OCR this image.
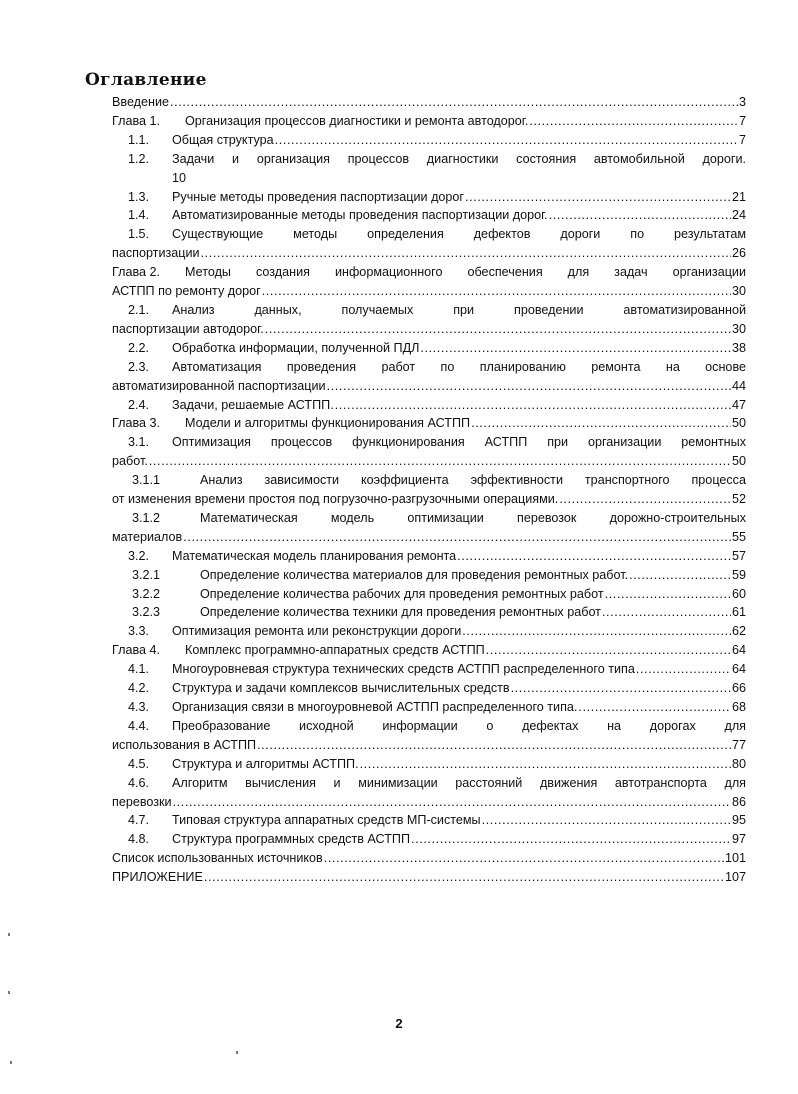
Оглавление
Введение .....	3
Глава 1.	Организация процессов диагностики и ремонта автодорог. .....	7
1.1.	Общая структура .....	7
1.2.	Задачи и организация процессов диагностики состояния автомобильной дороги.
10
1.3.	Ручные методы проведения паспортизации дорог .....	21
1.4.	Автоматизированные методы проведения паспортизации дорог. .....	24
1.5.	Существующие методы определения дефектов дороги по результатам
паспортизации .....	26
Глава 2.	Методы создания информационного обеспечения для задач организации
АСТПП по ремонту дорог .....	30
2.1.	Анализ данных, получаемых при проведении автоматизированной
паспортизации автодорог. .....	30
2.2.	Обработка информации, полученной ПДЛ .....	38
2.3.	Автоматизация проведения работ по планированию ремонта на основе
автоматизированной паспортизации .....	44
2.4.	Задачи, решаемые АСТПП. .....	47
Глава 3.	Модели и алгоритмы функционирования АСТПП .....	50
3.1.	Оптимизация процессов функционирования АСТПП при организации ремонтных
работ. .....	50
3.1.1	Анализ зависимости коэффициента эффективности транспортного процесса
от изменения времени простоя под погрузочно-разгрузочными операциями. .....	52
3.1.2	Математическая модель оптимизации перевозок дорожно-строительных
материалов .....	55
3.2.	Математическая модель планирования ремонта .....	57
3.2.1	Определение количества материалов для проведения ремонтных работ. .....	59
3.2.2	Определение количества рабочих для проведения ремонтных работ .....	60
3.2.3	Определение количества техники для проведения ремонтных работ .....	61
3.3.	Оптимизация ремонта или реконструкции дороги .....	62
Глава 4.	Комплекс программно-аппаратных средств АСТПП .....	64
4.1.	Многоуровневая структура технических средств АСТПП распределенного типа .....	64
4.2.	Структура и задачи комплексов вычислительных средств .....	66
4.3.	Организация связи в многоуровневой АСТПП распределенного типа. .....	68
4.4.	Преобразование исходной информации о дефектах на дорогах для
использования в АСТПП .....	77
4.5.	Структура и алгоритмы АСТПП. .....	80
4.6.	Алгоритм вычисления и минимизации расстояний движения автотранспорта для
перевозки .....	86
4.7.	Типовая структура аппаратных средств МП-системы .....	95
4.8.	Структура программных средств АСТПП .....	97
Список использованных источников .....	101
ПРИЛОЖЕНИЕ .....	107
2
